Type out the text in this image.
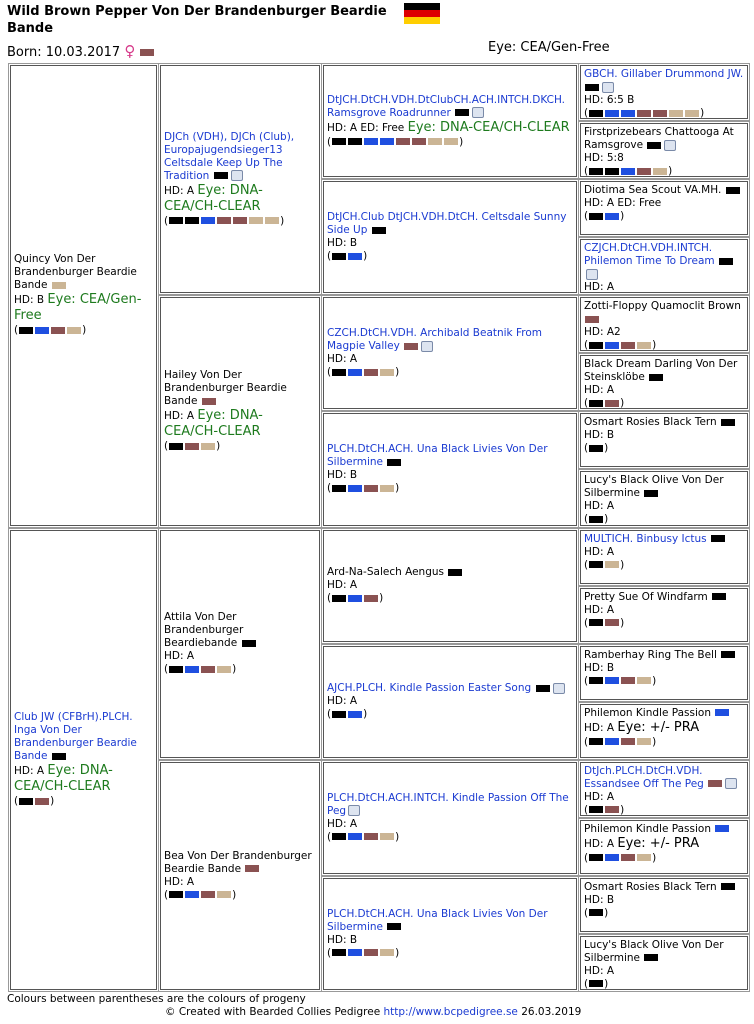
Wild Brown Pepper Von Der Brandenburger Beardie Bande
Born: 10.03.2017 ♀	Eye: CEA/Gen-Free
Quincy Von Der Brandenburger Beardie Bande
HD: B Eye: CEA/Gen-Free
(	)
Club JW (CFBrH).PLCH. Inga Von Der Brandenburger Beardie Bande
HD: A Eye: DNA-CEA/CH-CLEAR
(	)
DJCh (VDH), DJCh (Club), Europajugendsieger13 Celtsdale Keep Up The Tradition
HD: A Eye: DNA-CEA/CH-CLEAR
(	)
Hailey Von Der Brandenburger Beardie Bande
HD: A Eye: DNA-CEA/CH-CLEAR
(	)
Attila Von Der Brandenburger Beardiebande
HD: A
(	)
Bea Von Der Brandenburger Beardie Bande
HD: A
(	)
DtJCH.DtCH.VDH.DtClubCH.ACH.INTCH.DKCH. Ramsgrove Roadrunner
HD: A ED: Free Eye: DNA-CEA/CH-CLEAR
(	)
DtJCH.Club DtJCH.VDH.DtCH. Celtsdale Sunny Side Up
HD: B
(	)
CZCH.DtCH.VDH. Archibald Beatnik From Magpie Valley
HD: A
(	)
PLCH.DtCH.ACH. Una Black Livies Von Der Silbermine
HD: B
(	)
Ard-Na-Salech Aengus
HD: A
(	)
AJCH.PLCH. Kindle Passion Easter Song
HD: A
(	)
PLCH.DtCH.ACH.INTCH. Kindle Passion Off The Peg
HD: A
(	)
PLCH.DtCH.ACH. Una Black Livies Von Der Silbermine
HD: B
(	)
GBCH. Gillaber Drummond JW.
HD: 6:5 B
(	)
Firstprizebears Chattooga At Ramsgrove
HD: 5:8
(	)
Diotima Sea Scout VA.MH.
HD: A ED: Free
(	)
CZJCH.DtCH.VDH.INTCH. Philemon Time To Dream
HD: A
Zotti-Floppy Quamoclit Brown
HD: A2
(	)
Black Dream Darling Von Der Steinsklöbe
HD: A
(	)
Osmart Rosies Black Tern
HD: B
( )
Lucy's Black Olive Von Der Silbermine
HD: A
( )
MULTICH. Binbusy Ictus
HD: A
(	)
Pretty Sue Of Windfarm
HD: A
(	)
Ramberhay Ring The Bell
HD: B
(	)
Philemon Kindle Passion
HD: A Eye: +/- PRA
(	)
DtJch.PLCH.DtCH.VDH. Essandsee Off The Peg
HD: A
(	)
Philemon Kindle Passion
HD: A Eye: +/- PRA
(	)
Osmart Rosies Black Tern
HD: B
( )
Lucy's Black Olive Von Der Silbermine
HD: A
( )
Colours between parentheses are the colours of progeny
© Created with Bearded Collies Pedigree http://www.bcpedigree.se 26.03.2019
